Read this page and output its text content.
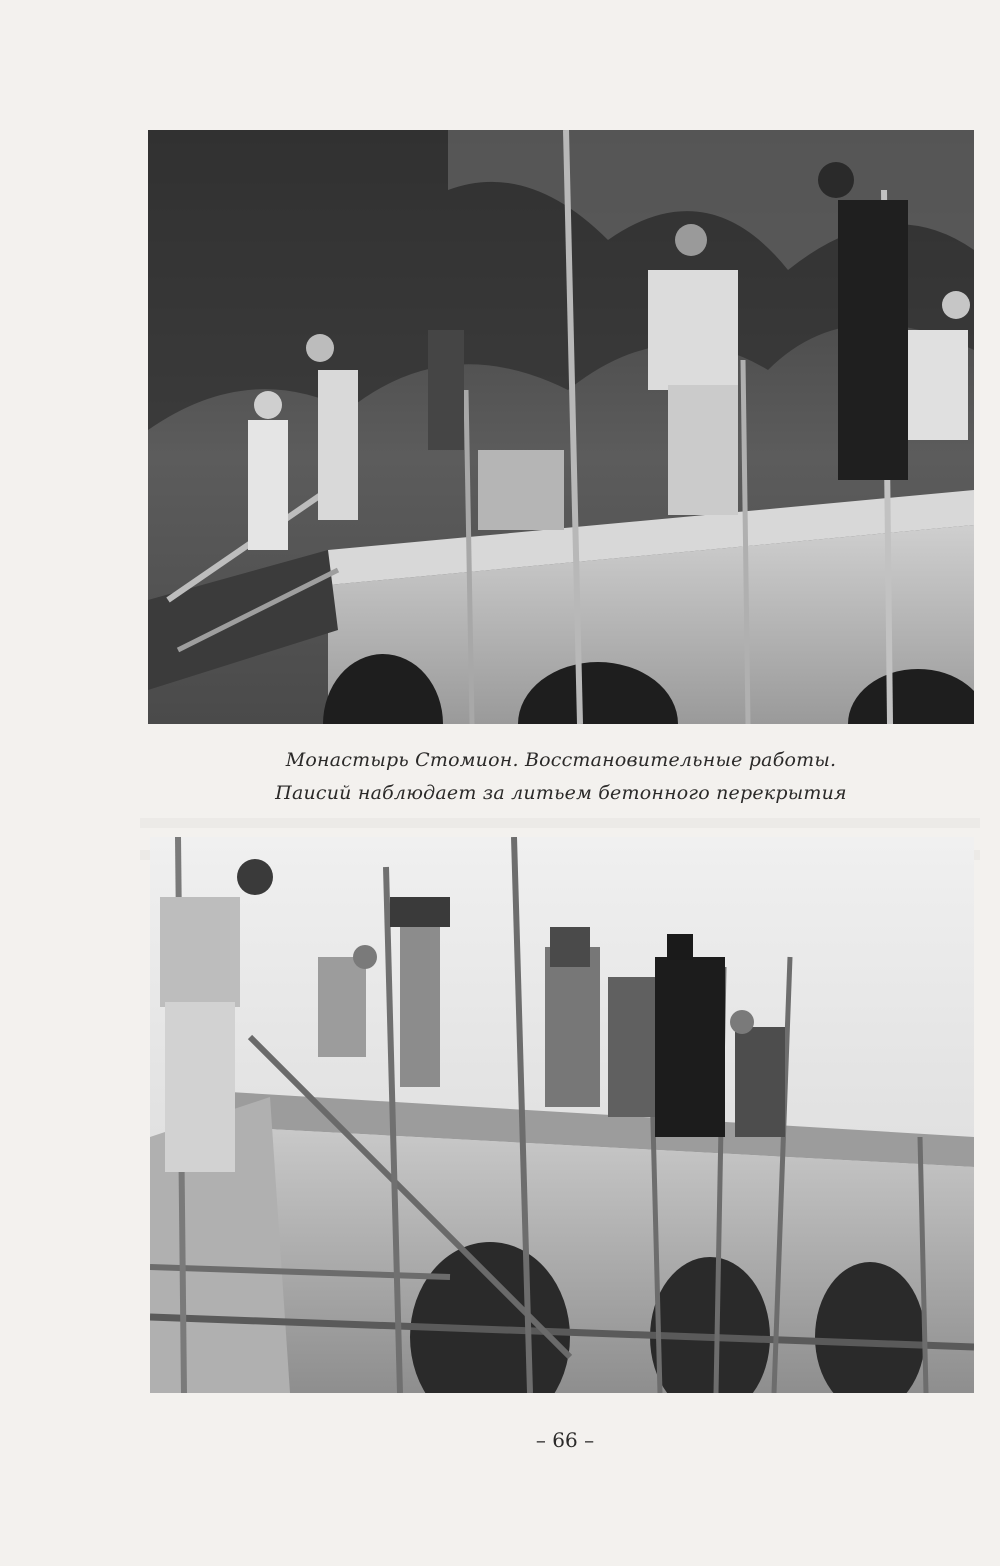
Монастырь Стомион. Восстановительные работы.
Паисий наблюдает за литьем бетонного перекрытия
– 66 –
